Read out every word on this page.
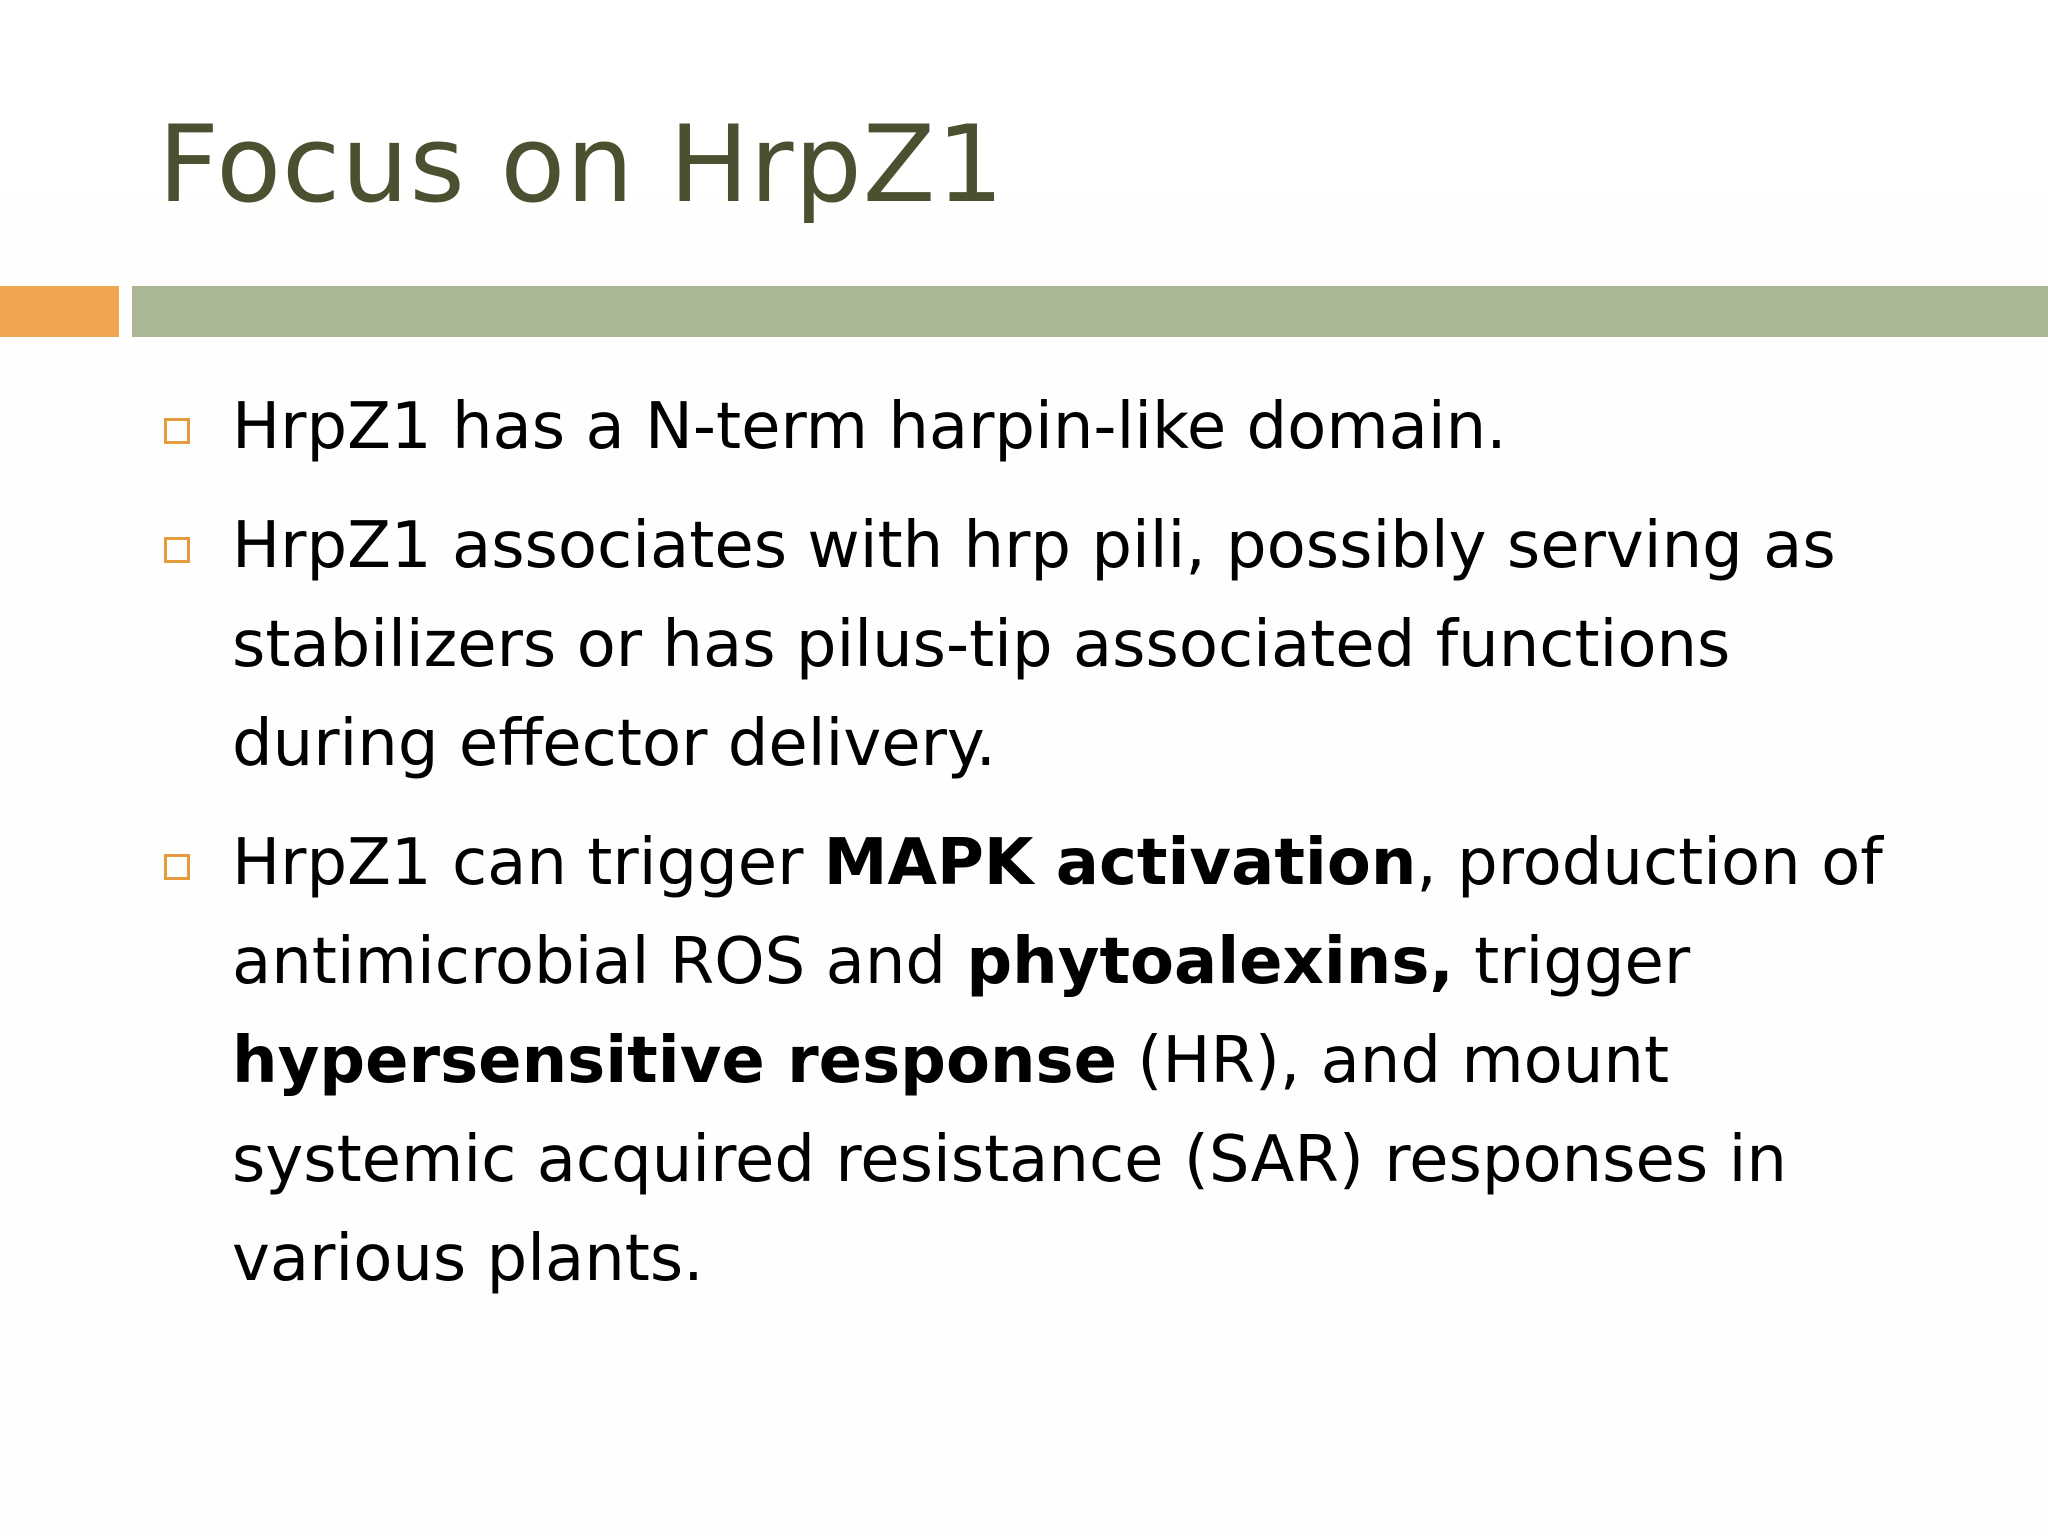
Focus on HrpZ1
HrpZ1 has a N-term harpin-like domain.
HrpZ1 associates with hrp pili, possibly serving as stabilizers or has pilus-tip associated functions during effector delivery.
HrpZ1 can trigger MAPK activation, production of antimicrobial ROS and phytoalexins, trigger hypersensitive response (HR), and mount systemic acquired resistance (SAR) responses in various plants.
